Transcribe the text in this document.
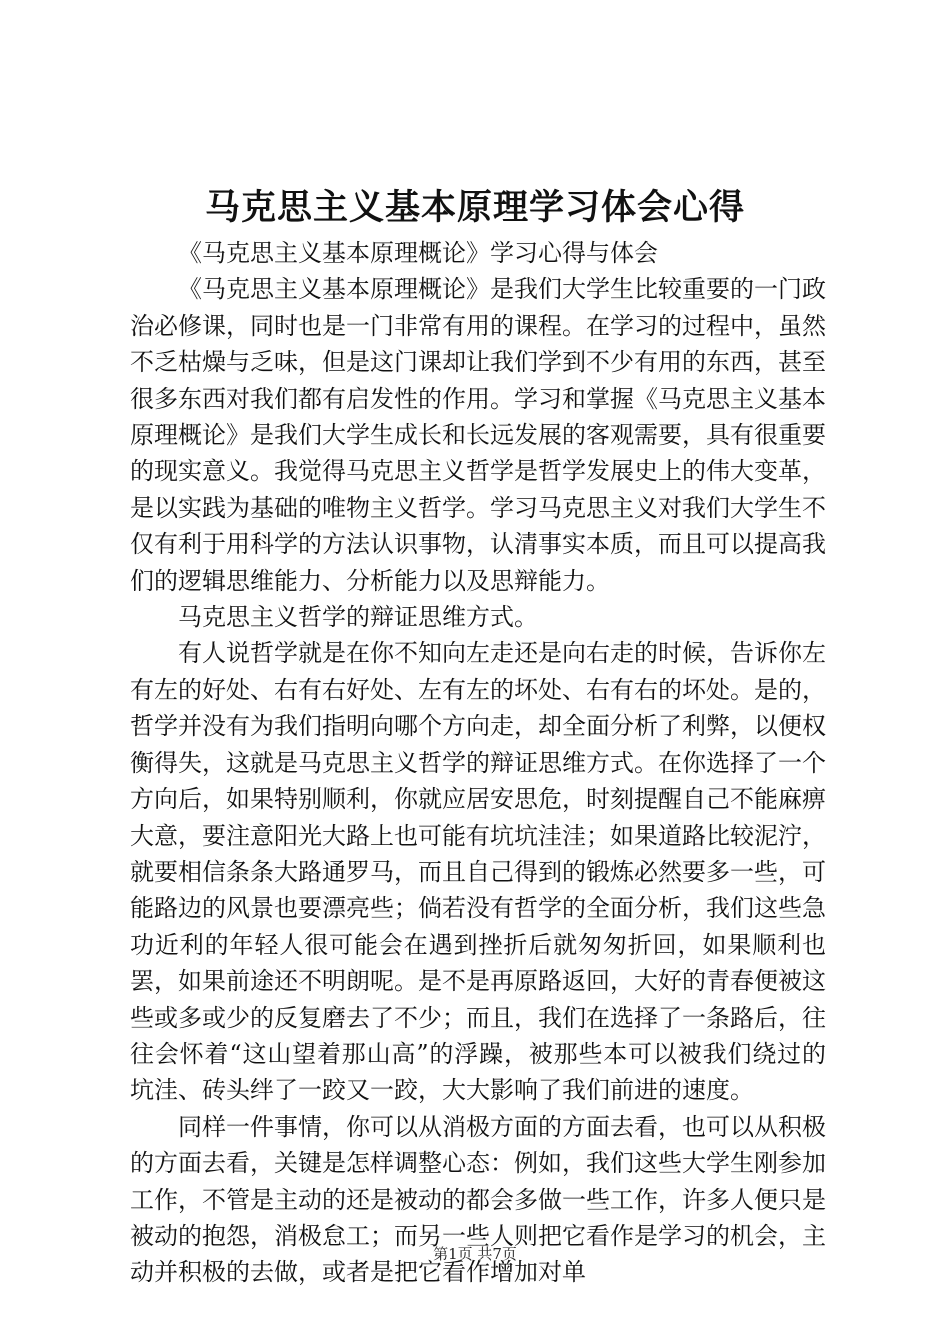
马克思主义基本原理学习体会心得

《马克思主义基本原理概论》学习心得与体会

《马克思主义基本原理概论》是我们大学生比较重要的一门政治必修课，同时也是一门非常有用的课程。在学习的过程中，虽然不乏枯燥与乏味，但是这门课却让我们学到不少有用的东西，甚至很多东西对我们都有启发性的作用。学习和掌握《马克思主义基本原理概论》是我们大学生成长和长远发展的客观需要，具有很重要的现实意义。我觉得马克思主义哲学是哲学发展史上的伟大变革，是以实践为基础的唯物主义哲学。学习马克思主义对我们大学生不仅有利于用科学的方法认识事物，认清事实本质，而且可以提高我们的逻辑思维能力、分析能力以及思辩能力。

马克思主义哲学的辩证思维方式。

有人说哲学就是在你不知向左走还是向右走的时候，告诉你左有左的好处、右有右好处、左有左的坏处、右有右的坏处。是的，哲学并没有为我们指明向哪个方向走，却全面分析了利弊，以便权衡得失，这就是马克思主义哲学的辩证思维方式。在你选择了一个方向后，如果特别顺利，你就应居安思危，时刻提醒自己不能麻痹大意，要注意阳光大路上也可能有坑坑洼洼；如果道路比较泥泞，就要相信条条大路通罗马，而且自己得到的锻炼必然要多一些，可能路边的风景也要漂亮些；倘若没有哲学的全面分析，我们这些急功近利的年轻人很可能会在遇到挫折后就匆匆折回，如果顺利也罢，如果前途还不明朗呢。是不是再原路返回，大好的青春便被这些或多或少的反复磨去了不少；而且，我们在选择了一条路后，往往会怀着“这山望着那山高”的浮躁，被那些本可以被我们绕过的坑洼、砖头绊了一跤又一跤，大大影响了我们前进的速度。

同样一件事情，你可以从消极方面的方面去看，也可以从积极的方面去看，关键是怎样调整心态：例如，我们这些大学生刚参加工作，不管是主动的还是被动的都会多做一些工作，许多人便只是被动的抱怨，消极怠工；而另一些人则把它看作是学习的机会，主动并积极的去做，或者是把它看作增加对单

第1页 共7页
